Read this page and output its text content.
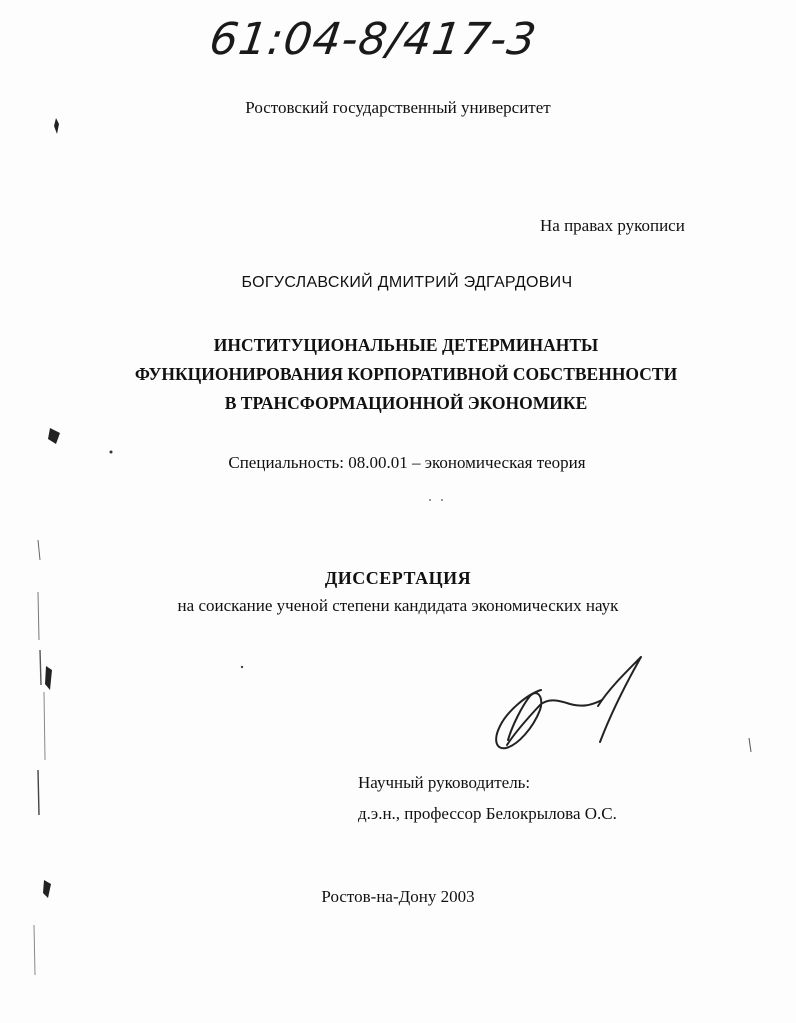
61:04-8/417-3
Ростовский государственный университет
На правах рукописи
БОГУСЛАВСКИЙ ДМИТРИЙ ЭДГАРДОВИЧ
ИНСТИТУЦИОНАЛЬНЫЕ ДЕТЕРМИНАНТЫ
ФУНКЦИОНИРОВАНИЯ КОРПОРАТИВНОЙ СОБСТВЕННОСТИ
В ТРАНСФОРМАЦИОННОЙ ЭКОНОМИКЕ
Специальность: 08.00.01 – экономическая теория
ДИССЕРТАЦИЯ
на соискание ученой степени кандидата экономических наук
Научный руководитель:
д.э.н., профессор Белокрылова О.С.
Ростов-на-Дону 2003
